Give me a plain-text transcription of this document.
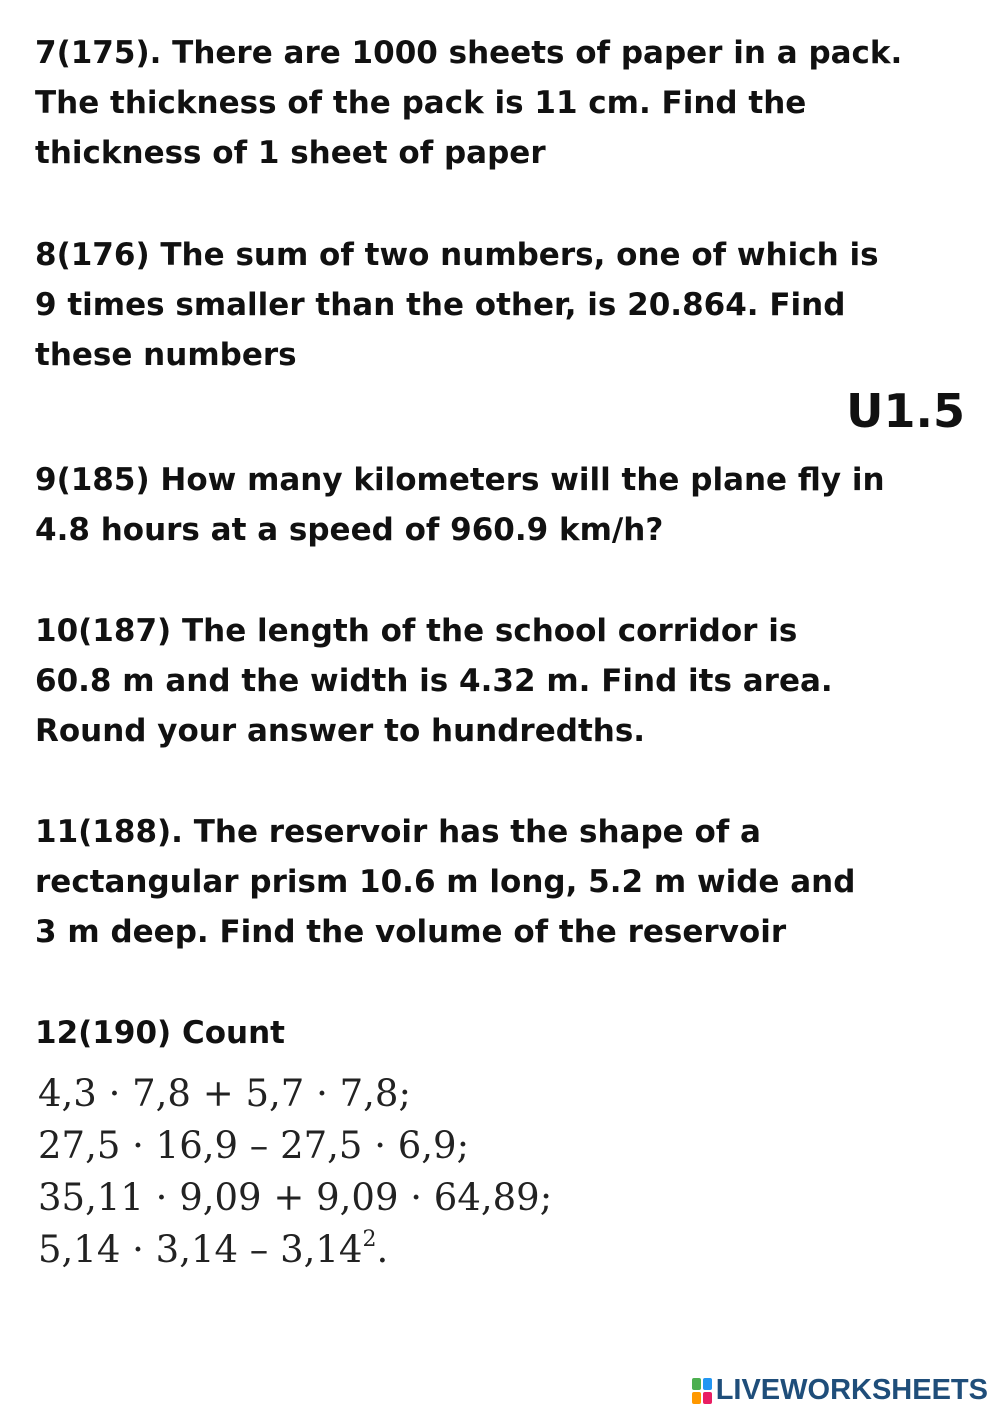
7(175). There are 1000 sheets of paper in a pack.
The thickness of the pack is 11 cm. Find the
thickness of 1 sheet of paper
8(176) The sum of two numbers, one of which is
9 times smaller than the other, is 20.864. Find
these numbers
U1.5
9(185) How many kilometers will the plane fly in
4.8 hours at a speed of 960.9 km/h?
10(187) The length of the school corridor is
60.8 m and the width is 4.32 m. Find its area.
Round your answer to hundredths.
11(188). The reservoir has the shape of a
rectangular prism 10.6 m long, 5.2 m wide and
3 m deep. Find the volume of the reservoir
12(190) Count
4,3 · 7,8 + 5,7 · 7,8;
27,5 · 16,9 – 27,5 · 6,9;
35,11 · 9,09 + 9,09 · 64,89;
5,14 · 3,14 – 3,14$^2$.
LIVEWORKSHEETS
